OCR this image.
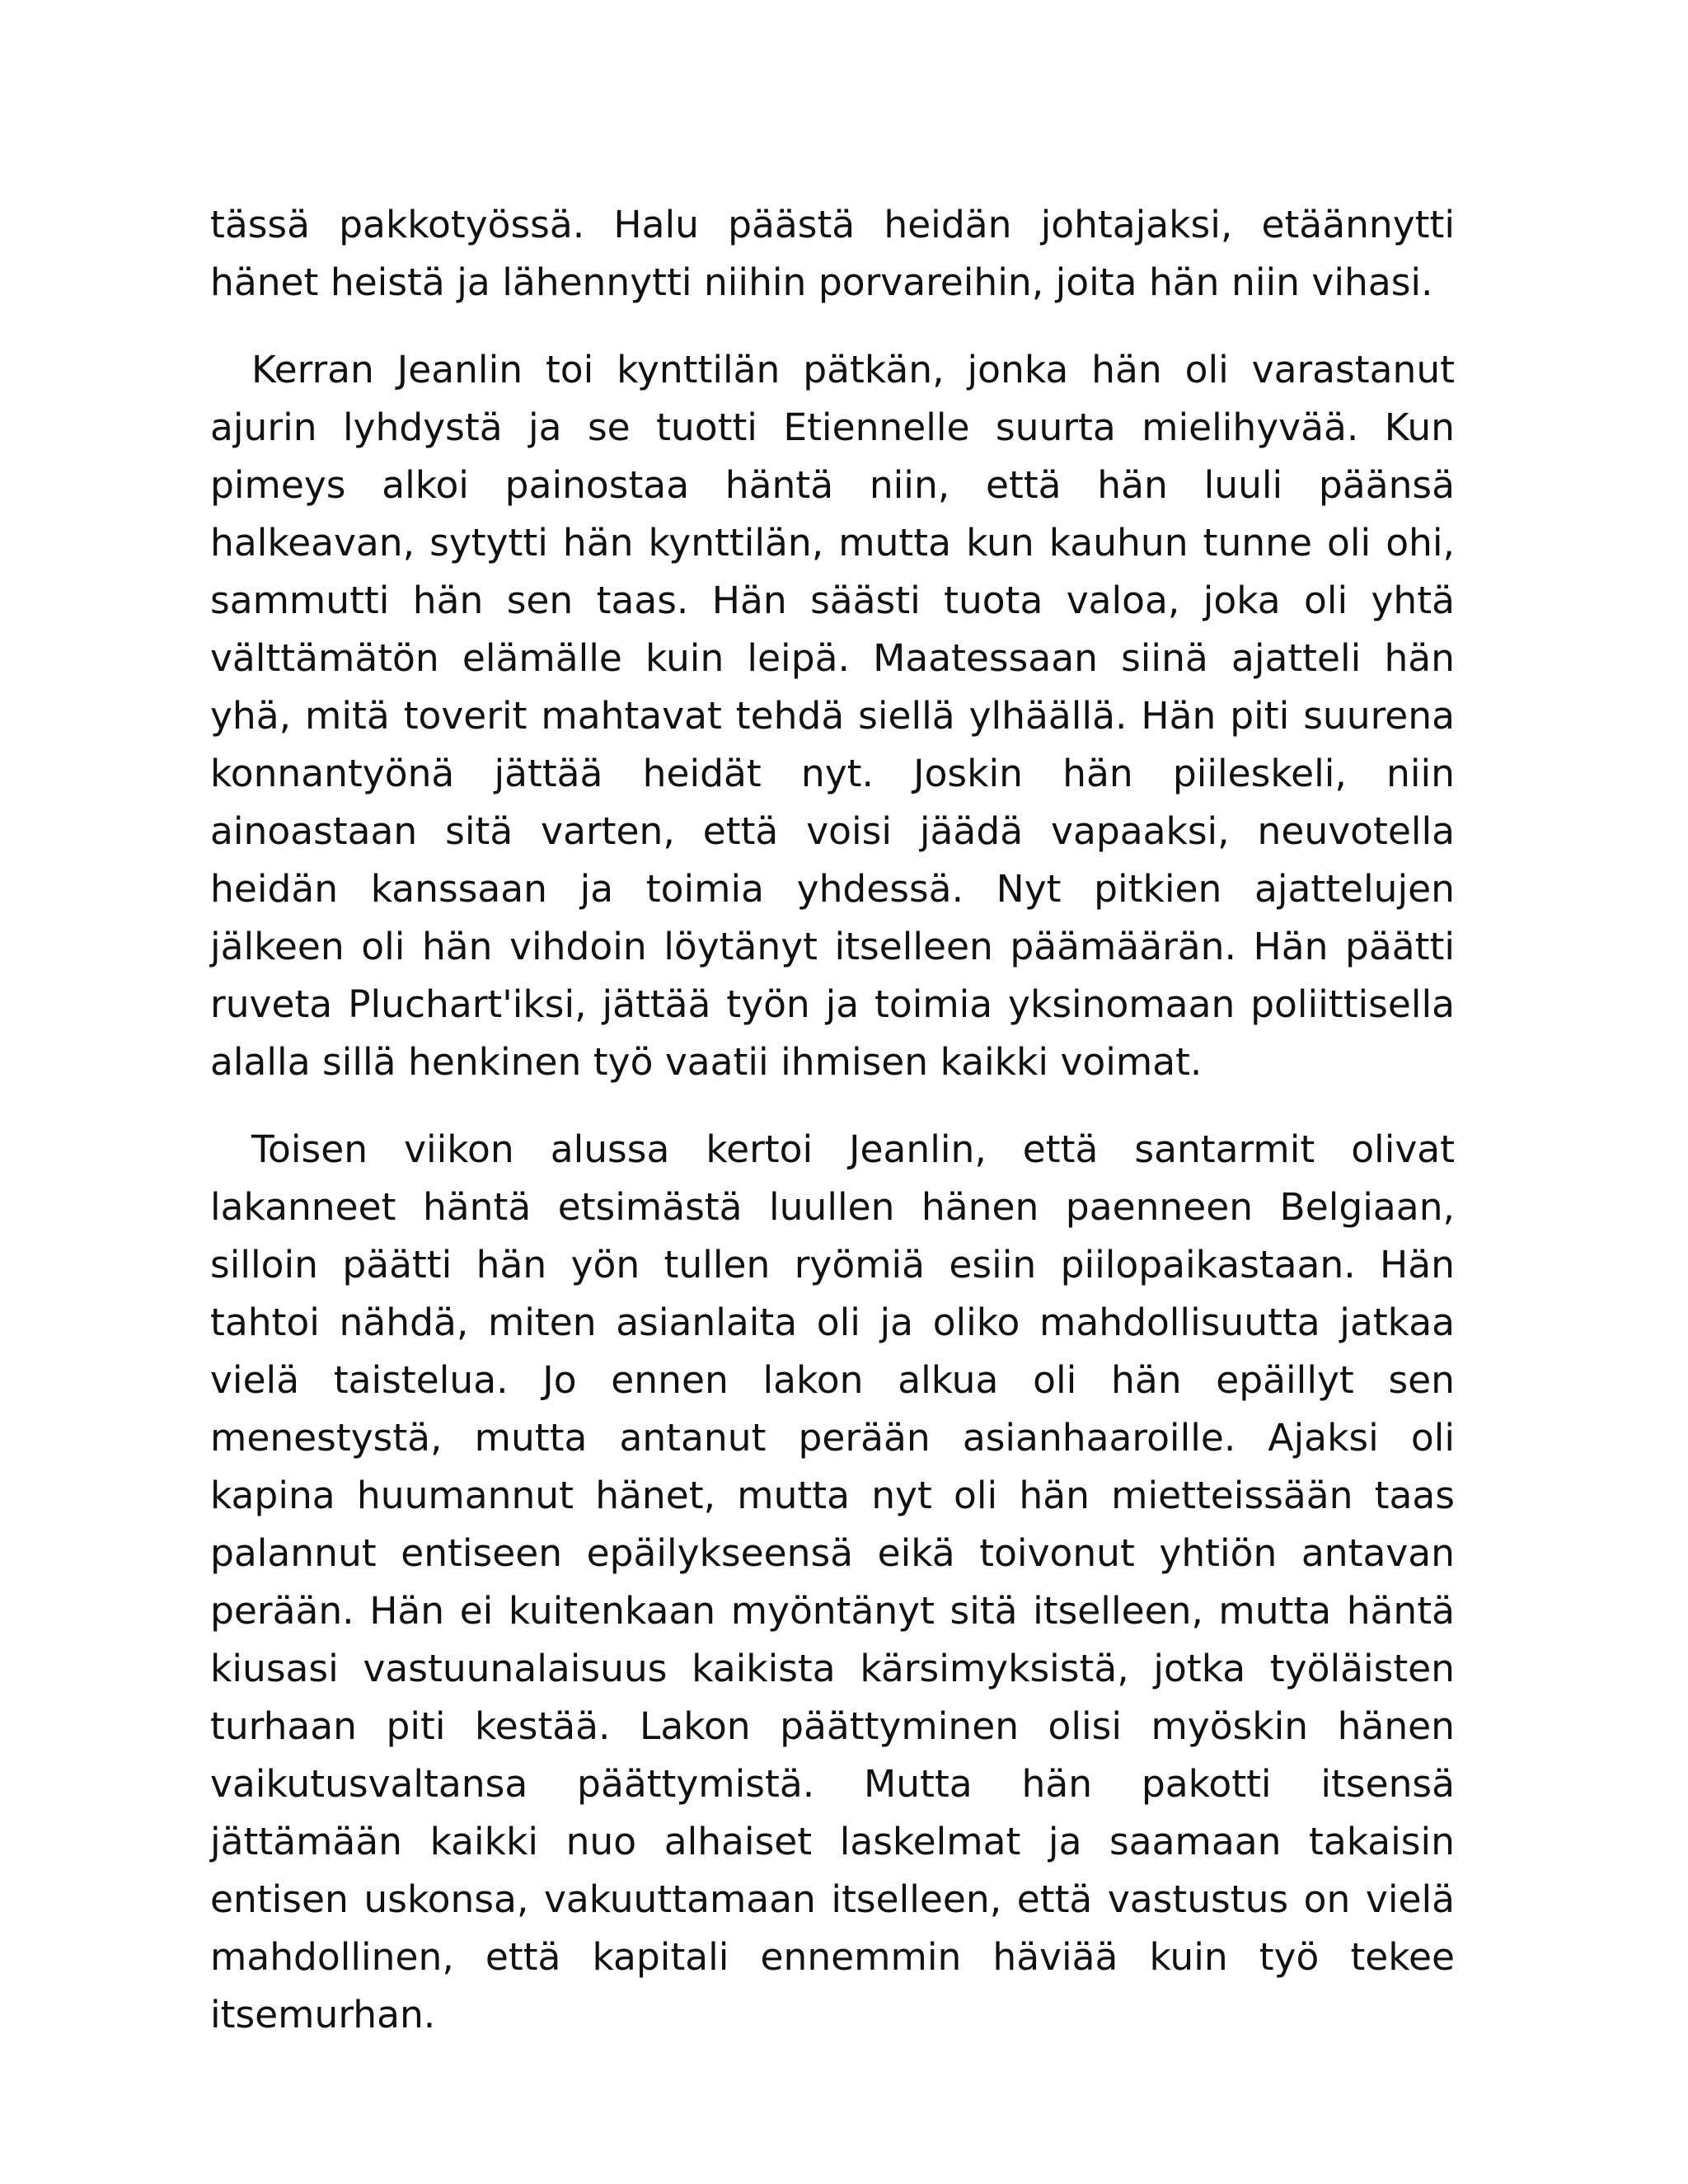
tässä pakkotyössä. Halu päästä heidän johtajaksi, etäännytti hänet heistä ja lähennytti niihin porvareihin, joita hän niin vihasi.

Kerran Jeanlin toi kynttilän pätkän, jonka hän oli varastanut ajurin lyhdystä ja se tuotti Etiennelle suurta mielihyvää. Kun pimeys alkoi painostaa häntä niin, että hän luuli päänsä halkeavan, sytytti hän kynttilän, mutta kun kauhun tunne oli ohi, sammutti hän sen taas. Hän säästi tuota valoa, joka oli yhtä välttämätön elämälle kuin leipä. Maatessaan siinä ajatteli hän yhä, mitä toverit mahtavat tehdä siellä ylhäällä. Hän piti suurena konnantyönä jättää heidät nyt. Joskin hän piileskeli, niin ainoastaan sitä varten, että voisi jäädä vapaaksi, neuvotella heidän kanssaan ja toimia yhdessä. Nyt pitkien ajattelujen jälkeen oli hän vihdoin löytänyt itselleen päämäärän. Hän päätti ruveta Pluchart'iksi, jättää työn ja toimia yksinomaan poliittisella alalla sillä henkinen työ vaatii ihmisen kaikki voimat.

Toisen viikon alussa kertoi Jeanlin, että santarmit olivat lakanneet häntä etsimästä luullen hänen paenneen Belgiaan, silloin päätti hän yön tullen ryömiä esiin piilopaikastaan. Hän tahtoi nähdä, miten asianlaita oli ja oliko mahdollisuutta jatkaa vielä taistelua. Jo ennen lakon alkua oli hän epäillyt sen menestystä, mutta antanut perään asianhaaroille. Ajaksi oli kapina huumannut hänet, mutta nyt oli hän mietteissään taas palannut entiseen epäilykseensä eikä toivonut yhtiön antavan perään. Hän ei kuitenkaan myöntänyt sitä itselleen, mutta häntä kiusasi vastuunalaisuus kaikista kärsimyksistä, jotka työläisten turhaan piti kestää. Lakon päättyminen olisi myöskin hänen vaikutusvaltansa päättymistä. Mutta hän pakotti itsensä jättämään kaikki nuo alhaiset laskelmat ja saamaan takaisin entisen uskonsa, vakuuttamaan itselleen, että vastustus on vielä mahdollinen, että kapitali ennemmin häviää kuin työ tekee itsemurhan.
